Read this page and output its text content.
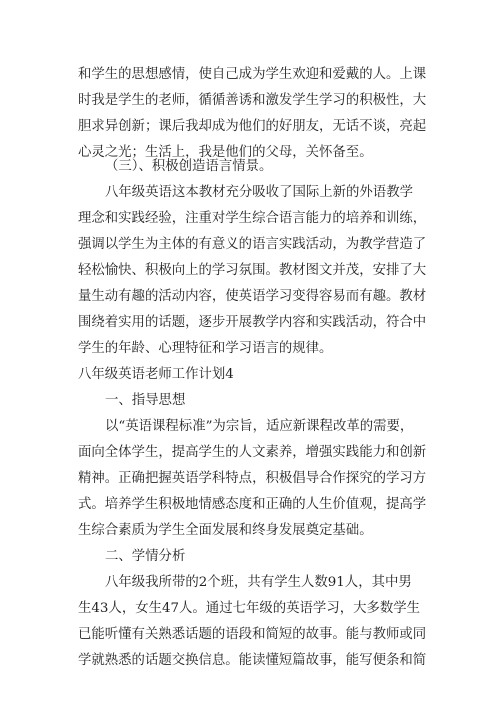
和学生的思想感情，使自己成为学生欢迎和爱戴的人。上课
时我是学生的老师，循循善诱和激发学生学习的积极性，大
胆求异创新；课后我却成为他们的好朋友，无话不谈，亮起
心灵之光；生活上，我是他们的父母，关怀备至。
（三）、积极创造语言情景。
八年级英语这本教材充分吸收了国际上新的外语教学
理念和实践经验，注重对学生综合语言能力的培养和训练，
强调以学生为主体的有意义的语言实践活动，为教学营造了
轻松愉快、积极向上的学习氛围。教材图文并茂，安排了大
量生动有趣的活动内容，使英语学习变得容易而有趣。教材
围绕着实用的话题，逐步开展教学内容和实践活动，符合中
学生的年龄、心理特征和学习语言的规律。
八年级英语老师工作计划4
一、指导思想
以“英语课程标准”为宗旨，适应新课程改革的需要，
面向全体学生，提高学生的人文素养，增强实践能力和创新
精神。正确把握英语学科特点，积极倡导合作探究的学习方
式。培养学生积极地情感态度和正确的人生价值观，提高学
生综合素质为学生全面发展和终身发展奠定基础。
二、学情分析
八年级我所带的2个班，共有学生人数91人，其中男
生43人，女生47人。通过七年级的英语学习，大多数学生
已能听懂有关熟悉话题的语段和简短的故事。能与教师或同
学就熟悉的话题交换信息。能读懂短篇故事，能写便条和简
